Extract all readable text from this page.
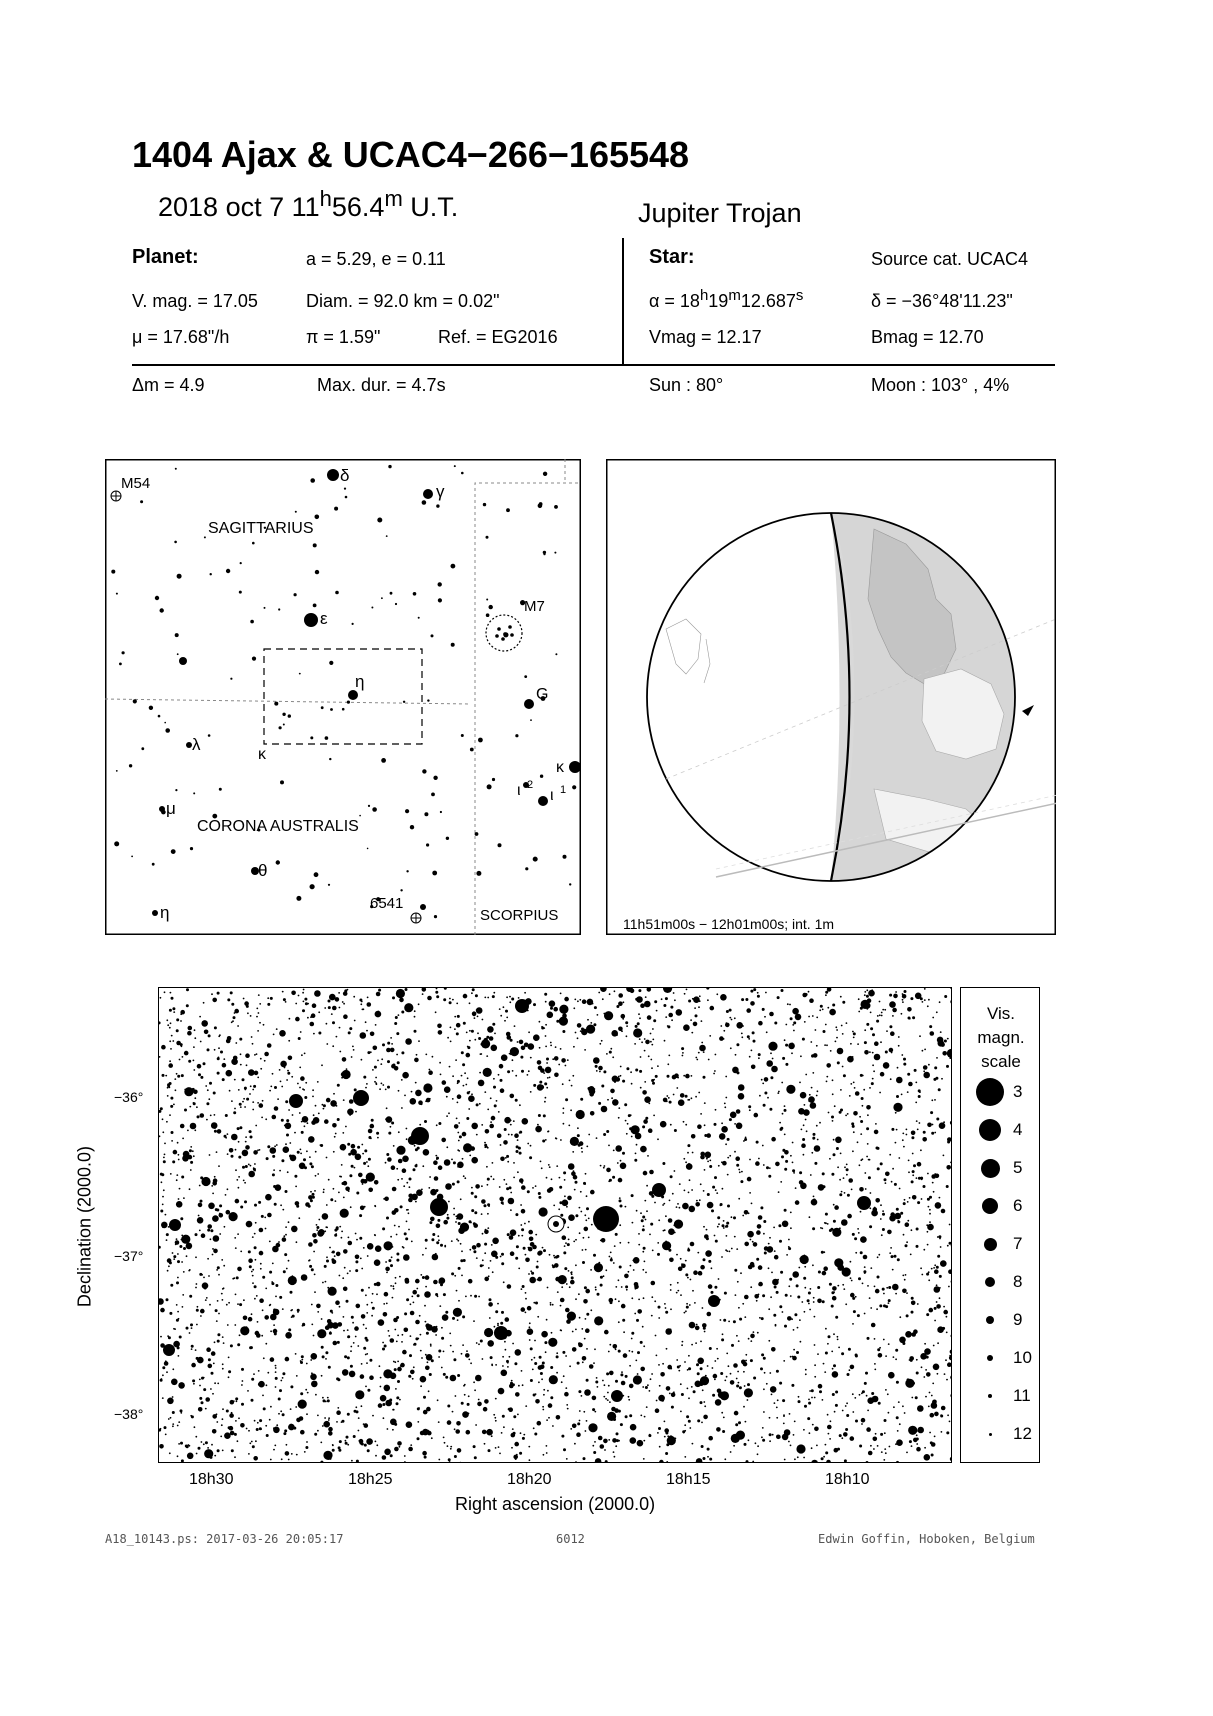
1404 Ajax & UCAC4−266−165548
2018 oct 7 11$^h$56.4$^m$ U.T.	Jupiter Trojan
Planet:	a = 5.29, e = 0.11
V. mag. = 17.05	Diam. = 92.0 km = 0.02"
μ = 17.68"/h	π = 1.59"	Ref. = EG2016
Star:	Source cat. UCAC4
$\alpha = 18^h19^m12.687^s$	δ = −36°48'11.23"
Vmag = 12.17	Bmag = 12.70
Δm = 4.9	Max. dur. = 4.7s	Sun : 80°	Moon : 103° , 4%
M54
SAGITTARIUS
M7
G
CORONA AUSTRALIS
6541
SCORPIUS
δ
γ
ε
η
λ
κ
κ
μ
θ
η
ι 2
ι 1
11h51m00s − 12h01m00s; int. 1m
18h30	18h25	18h20	18h15	18h10
−36°
−37°
−38°
Right ascension (2000.0)
Declination (2000.0)
Vis.
magn.
scale
3
4
5
6
7
8
9
10
11
12
A18_10143.ps: 2017-03-26 20:05:17	6012	Edwin Goffin, Hoboken, Belgium
